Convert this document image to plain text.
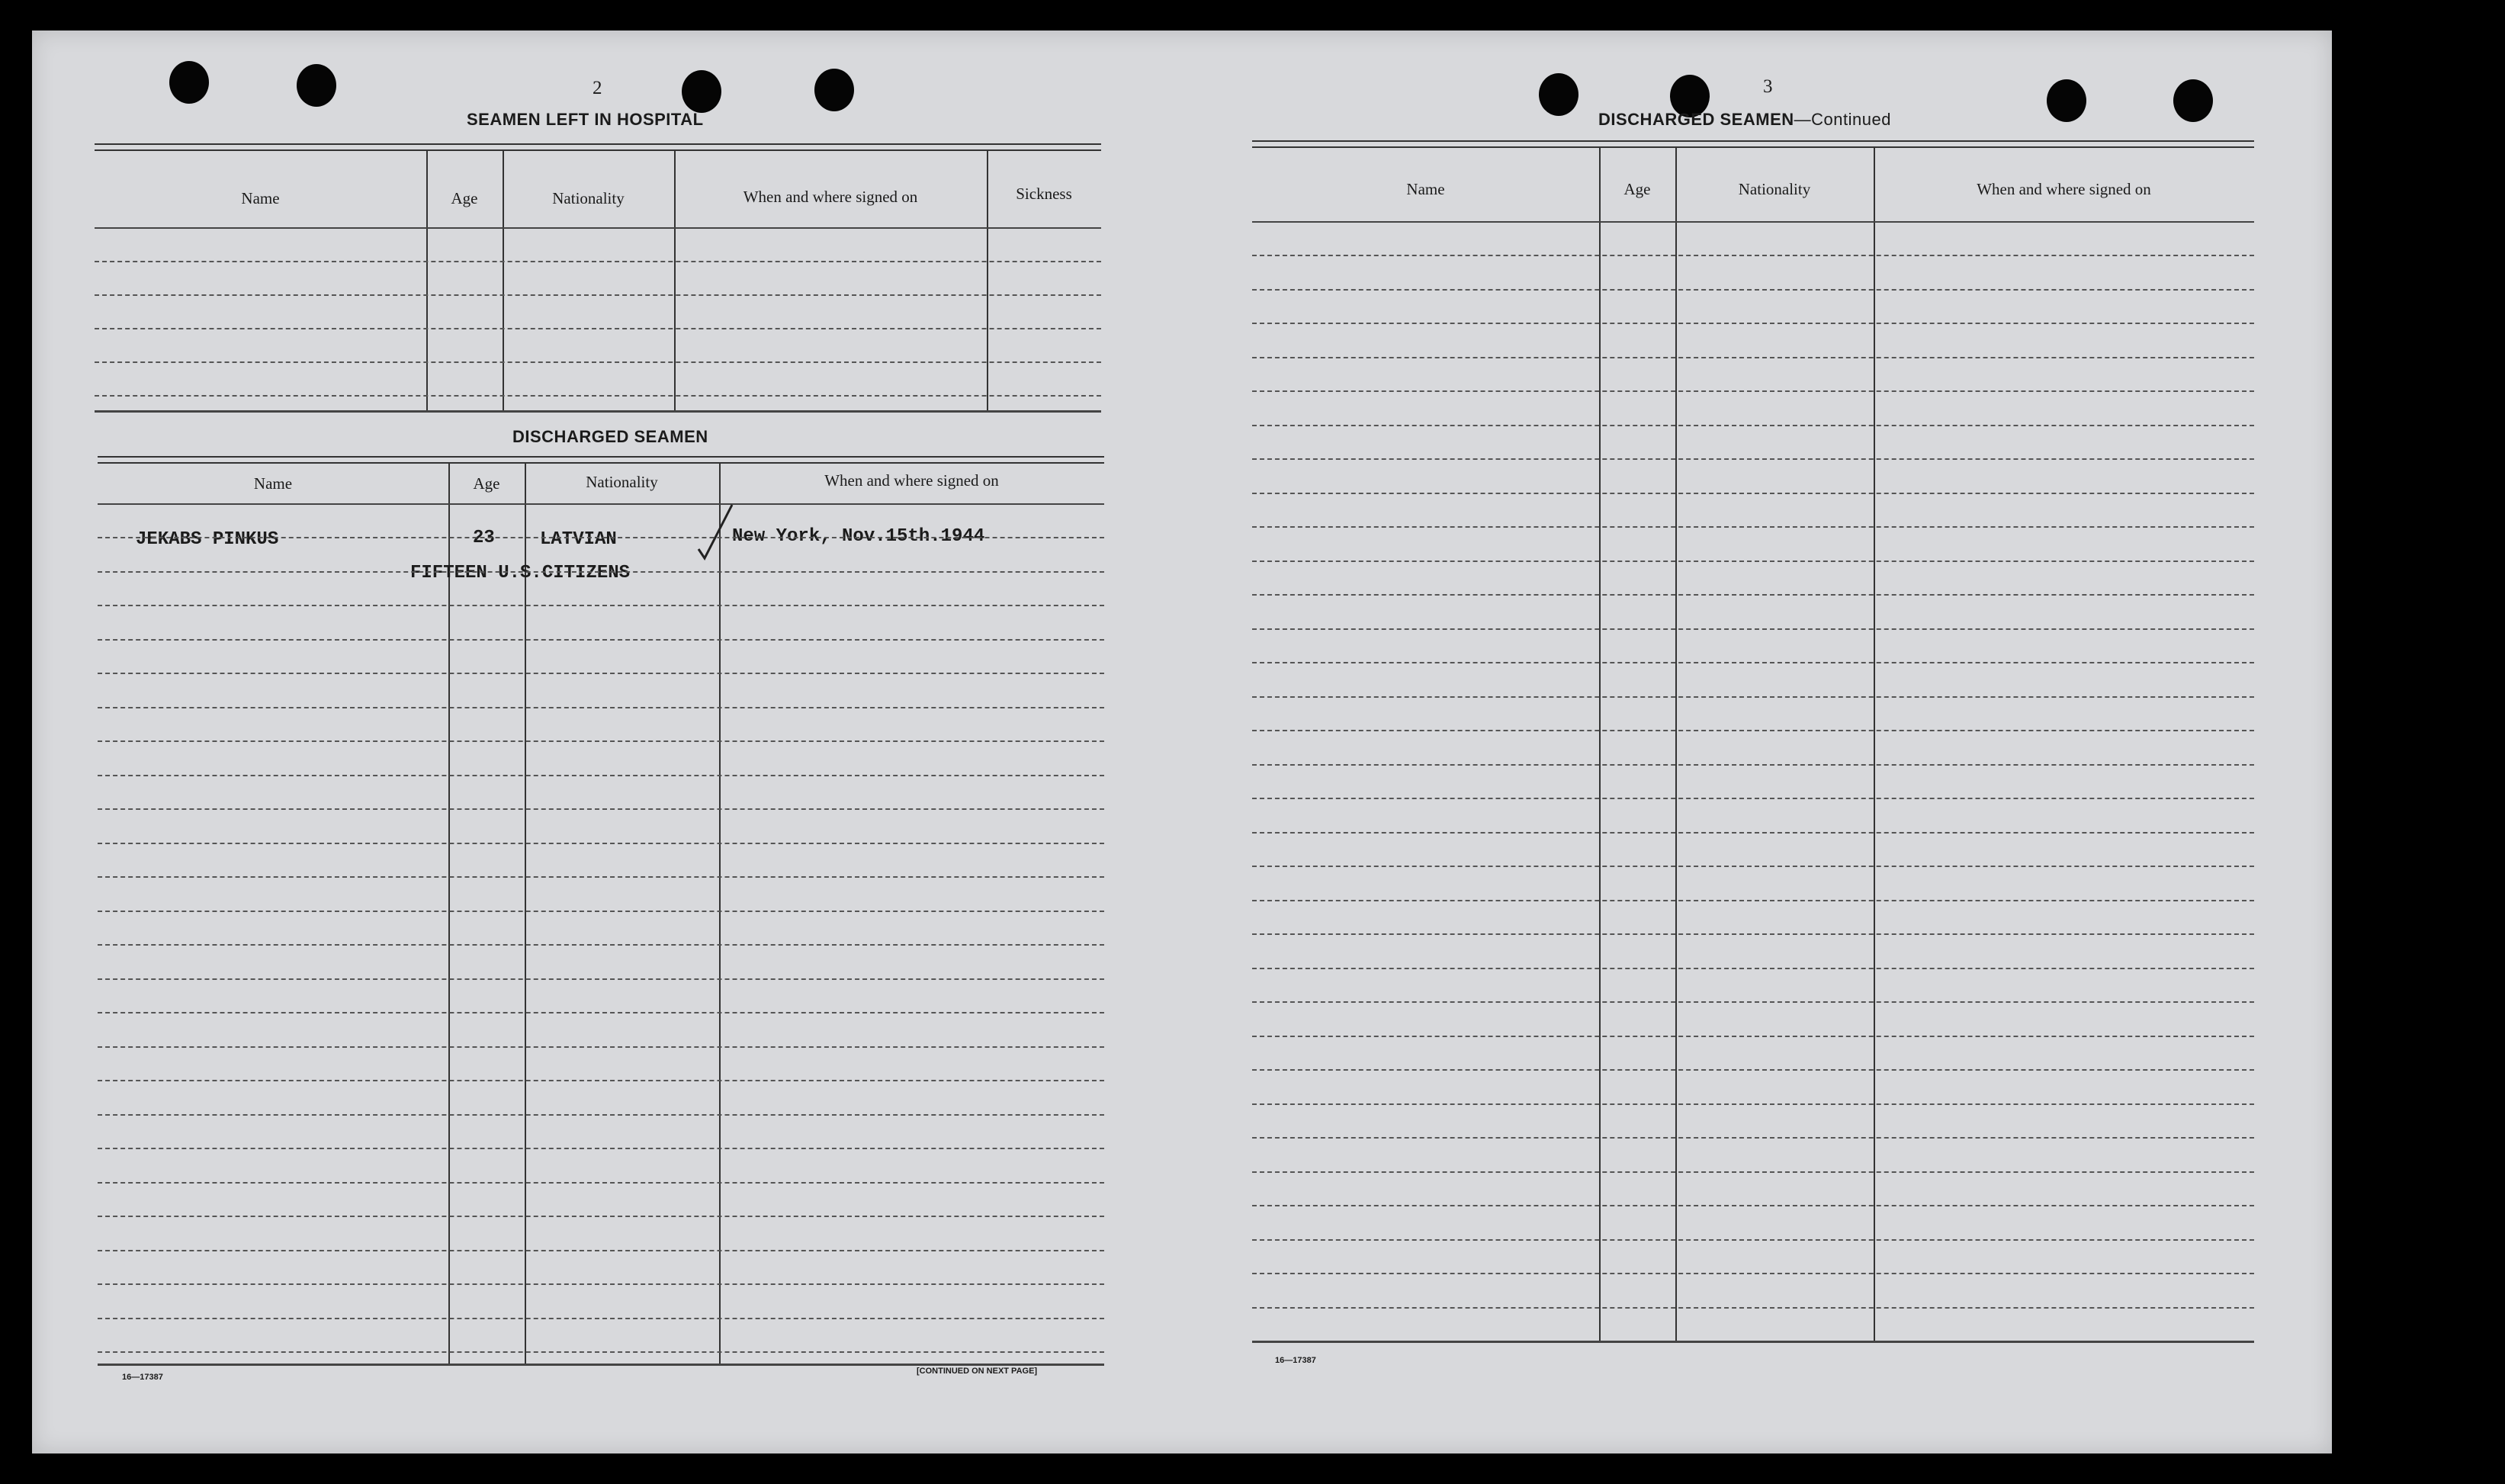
2
SEAMEN LEFT IN HOSPITAL
Name	Age	Nationality	When and where signed on	Sickness
DISCHARGED SEAMEN
Name	Age	Nationality	When and where signed on
JEKABS PINKUS	23 LATVIAN	New York, Nov.15th.1944
FIFTEEN U.S.CITIZENS
16—17387
[CONTINUED ON NEXT PAGE]
3
DISCHARGED SEAMEN—Continued
Name	Age	Nationality	When and where signed on
16—17387
